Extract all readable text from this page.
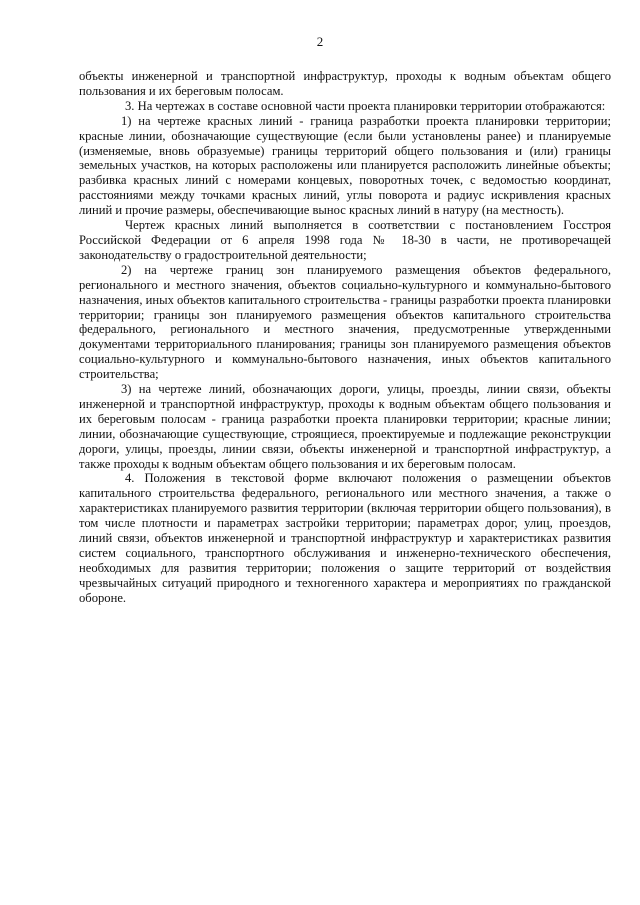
2

объекты инженерной и транспортной инфраструктур, проходы к водным объектам общего пользования и их береговым полосам.

3. На чертежах в составе основной части проекта планировки территории отображаются:

1) на чертеже красных линий - граница разработки проекта планировки территории; красные линии, обозначающие существующие (если были установлены ранее) и планируемые (изменяемые, вновь образуемые) границы территорий общего пользования и (или) границы земельных участков, на которых расположены или планируется расположить линейные объекты; разбивка красных линий с номерами концевых, поворотных точек, с ведомостью координат, расстояниями между точками красных линий, углы поворота и радиус искривления красных линий и прочие размеры, обеспечивающие вынос красных линий в натуру (на местность).

Чертеж красных линий выполняется в соответствии с постановлением Госстроя Российской Федерации от 6 апреля 1998 года № 18-30 в части, не противоречащей законодательству о градостроительной деятельности;

2) на чертеже границ зон планируемого размещения объектов федерального, регионального и местного значения, объектов социально-культурного и коммунально-бытового назначения, иных объектов капитального строительства - границы разработки проекта планировки территории; границы зон планируемого размещения объектов капитального строительства федерального, регионального и местного значения, предусмотренные утвержденными документами территориального планирования; границы зон планируемого размещения объектов социально-культурного и коммунально-бытового назначения, иных объектов капитального строительства;

3) на чертеже линий, обозначающих дороги, улицы, проезды, линии связи, объекты инженерной и транспортной инфраструктур, проходы к водным объектам общего пользования и их береговым полосам - граница разработки проекта планировки территории; красные линии; линии, обозначающие существующие, строящиеся, проектируемые и подлежащие реконструкции дороги, улицы, проезды, линии связи, объекты инженерной и транспортной инфраструктур, а также проходы к водным объектам общего пользования и их береговым полосам.

4. Положения в текстовой форме включают положения о размещении объектов капитального строительства федерального, регионального или местного значения, а также о характеристиках планируемого развития территории (включая территории общего пользования), в том числе плотности и параметрах застройки территории; параметрах дорог, улиц, проездов, линий связи, объектов инженерной и транспортной инфраструктур и характеристиках развития систем социального, транспортного обслуживания и инженерно-технического обеспечения, необходимых для развития территории; положения о защите территорий от воздействия чрезвычайных ситуаций природного и техногенного характера и мероприятиях по гражданской обороне.
